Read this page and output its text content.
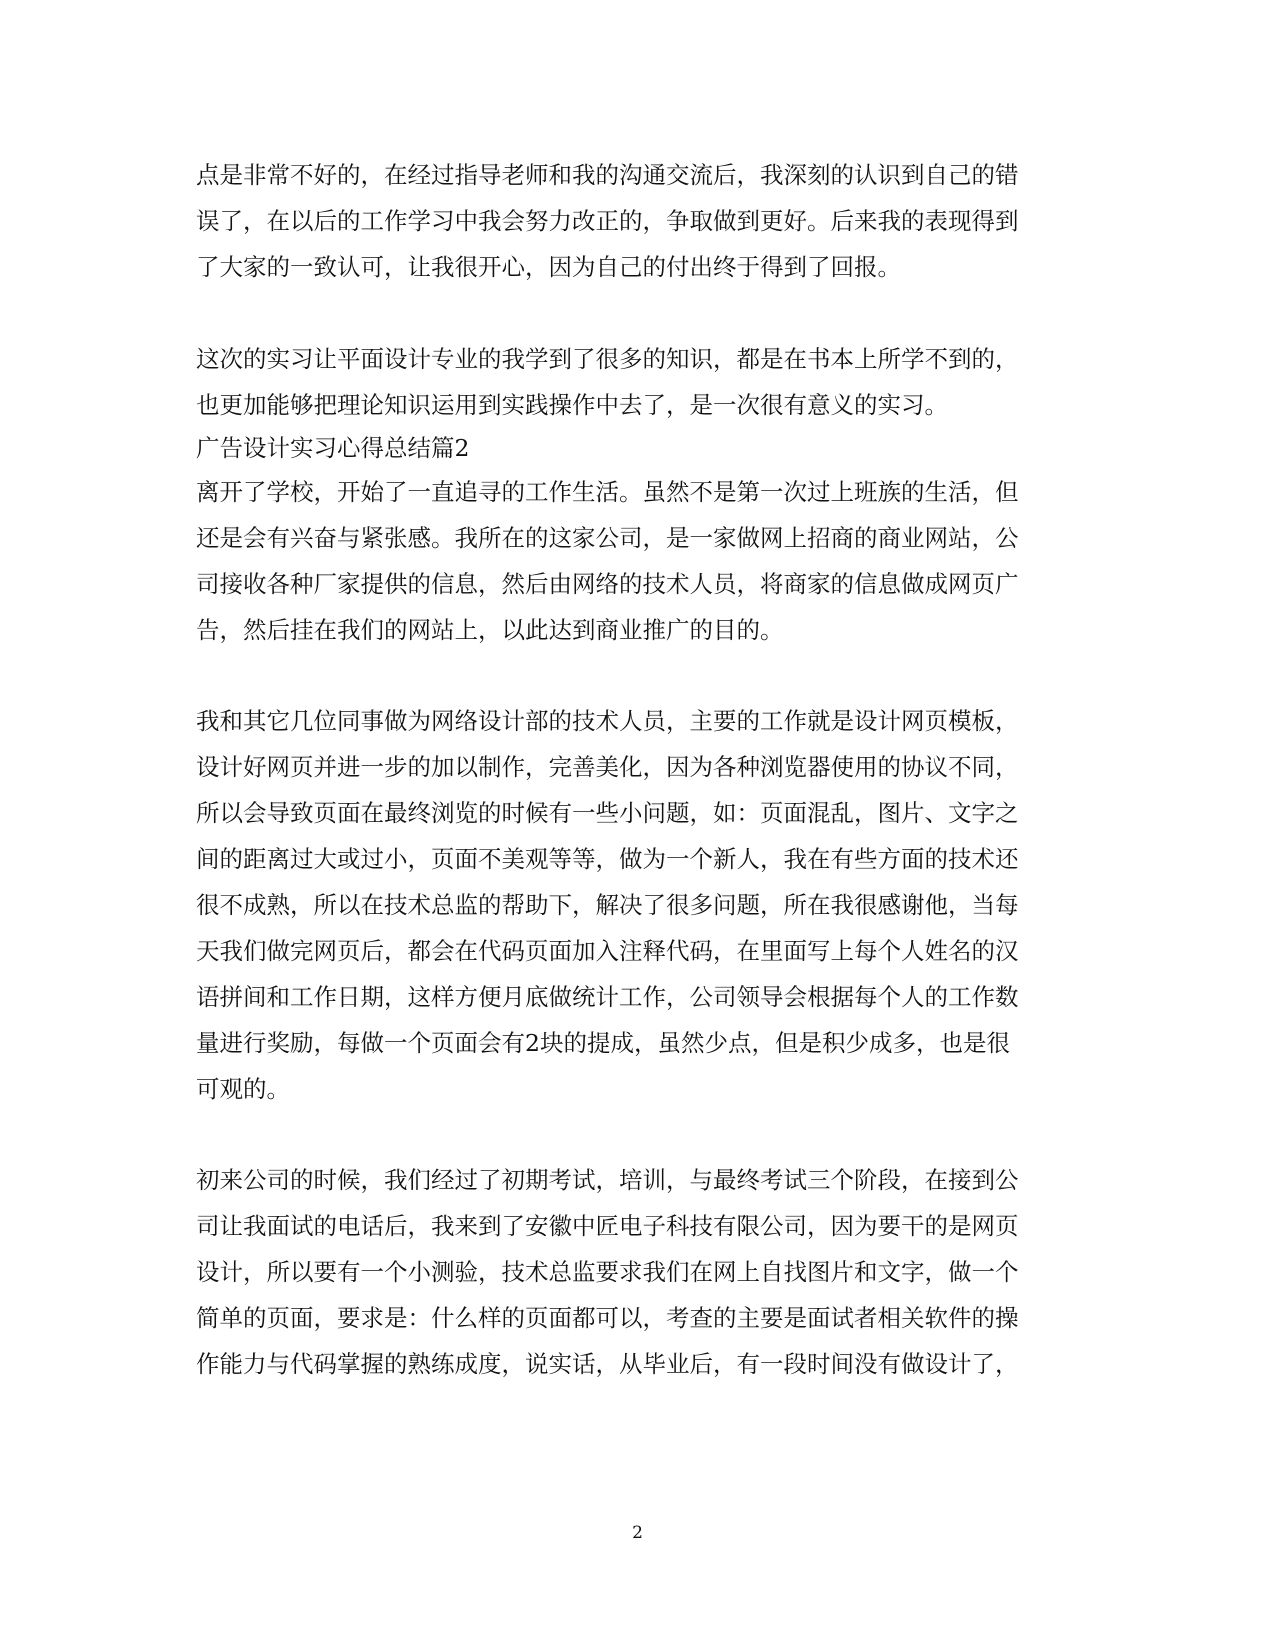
点是非常不好的，在经过指导老师和我的沟通交流后，我深刻的认识到自己的错
误了，在以后的工作学习中我会努力改正的，争取做到更好。后来我的表现得到
了大家的一致认可，让我很开心，因为自己的付出终于得到了回报。
这次的实习让平面设计专业的我学到了很多的知识，都是在书本上所学不到的，
也更加能够把理论知识运用到实践操作中去了，是一次很有意义的实习。
广告设计实习心得总结篇2
离开了学校，开始了一直追寻的工作生活。虽然不是第一次过上班族的生活，但
还是会有兴奋与紧张感。我所在的这家公司，是一家做网上招商的商业网站，公
司接收各种厂家提供的信息，然后由网络的技术人员，将商家的信息做成网页广
告，然后挂在我们的网站上，以此达到商业推广的目的。
我和其它几位同事做为网络设计部的技术人员，主要的工作就是设计网页模板，
设计好网页并进一步的加以制作，完善美化，因为各种浏览器使用的协议不同，
所以会导致页面在最终浏览的时候有一些小问题，如：页面混乱，图片、文字之
间的距离过大或过小，页面不美观等等，做为一个新人，我在有些方面的技术还
很不成熟，所以在技术总监的帮助下，解决了很多问题，所在我很感谢他，当每
天我们做完网页后，都会在代码页面加入注释代码，在里面写上每个人姓名的汉
语拼间和工作日期，这样方便月底做统计工作，公司领导会根据每个人的工作数
量进行奖励，每做一个页面会有2块的提成，虽然少点，但是积少成多，也是很
可观的。
初来公司的时候，我们经过了初期考试，培训，与最终考试三个阶段，在接到公
司让我面试的电话后，我来到了安徽中匠电子科技有限公司，因为要干的是网页
设计，所以要有一个小测验，技术总监要求我们在网上自找图片和文字，做一个
简单的页面，要求是：什么样的页面都可以，考查的主要是面试者相关软件的操
作能力与代码掌握的熟练成度，说实话，从毕业后，有一段时间没有做设计了，
2
